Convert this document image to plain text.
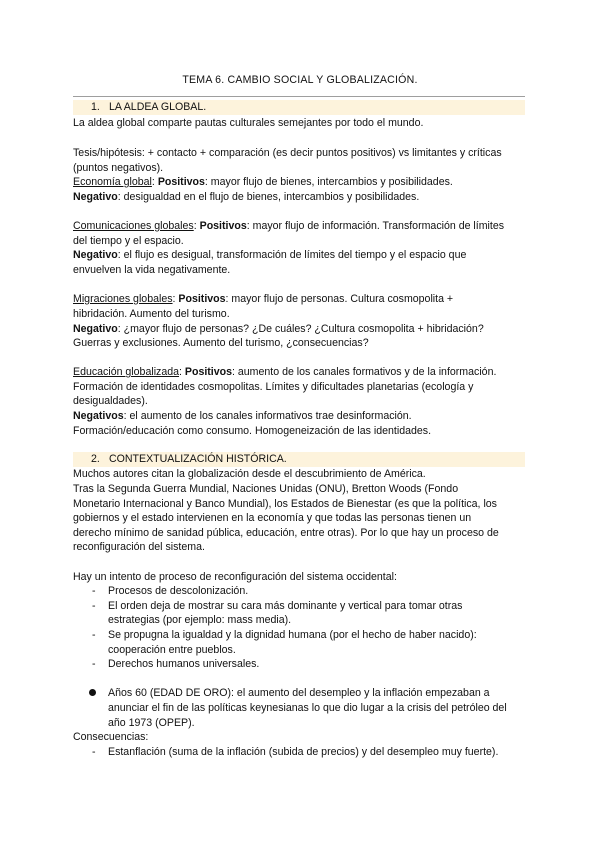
TEMA 6. CAMBIO SOCIAL Y GLOBALIZACIÓN.
1. LA ALDEA GLOBAL.
La aldea global comparte pautas culturales semejantes por todo el mundo.
Tesis/hipótesis: + contacto + comparación (es decir puntos positivos) vs limitantes y críticas
(puntos negativos).
Economía global: Positivos: mayor flujo de bienes, intercambios y posibilidades.
Negativo: desigualdad en el flujo de bienes, intercambios y posibilidades.
Comunicaciones globales: Positivos: mayor flujo de información. Transformación de límites
del tiempo y el espacio.
Negativo: el flujo es desigual, transformación de límites del tiempo y el espacio que
envuelven la vida negativamente.
Migraciones globales: Positivos: mayor flujo de personas. Cultura cosmopolita +
hibridación. Aumento del turismo.
Negativo: ¿mayor flujo de personas? ¿De cuáles? ¿Cultura cosmopolita + hibridación?
Guerras y exclusiones. Aumento del turismo, ¿consecuencias?
Educación globalizada: Positivos: aumento de los canales formativos y de la información.
Formación de identidades cosmopolitas. Límites y dificultades planetarias (ecología y
desigualdades).
Negativos: el aumento de los canales informativos trae desinformación.
Formación/educación como consumo. Homogeneización de las identidades.
2. CONTEXTUALIZACIÓN HISTÓRICA.
Muchos autores citan la globalización desde el descubrimiento de América.
Tras la Segunda Guerra Mundial, Naciones Unidas (ONU), Bretton Woods (Fondo
Monetario Internacional y Banco Mundial), los Estados de Bienestar (es que la política, los
gobiernos y el estado intervienen en la economía y que todas las personas tienen un
derecho mínimo de sanidad pública, educación, entre otras). Por lo que hay un proceso de
reconfiguración del sistema.
Hay un intento de proceso de reconfiguración del sistema occidental:
- Procesos de descolonización.
- El orden deja de mostrar su cara más dominante y vertical para tomar otras
estrategias (por ejemplo: mass media).
- Se propugna la igualdad y la dignidad humana (por el hecho de haber nacido):
cooperación entre pueblos.
- Derechos humanos universales.
Años 60 (EDAD DE ORO): el aumento del desempleo y la inflación empezaban a
anunciar el fin de las políticas keynesianas lo que dio lugar a la crisis del petróleo del
año 1973 (OPEP).
Consecuencias:
- Estanflación (suma de la inflación (subida de precios) y del desempleo muy fuerte).
